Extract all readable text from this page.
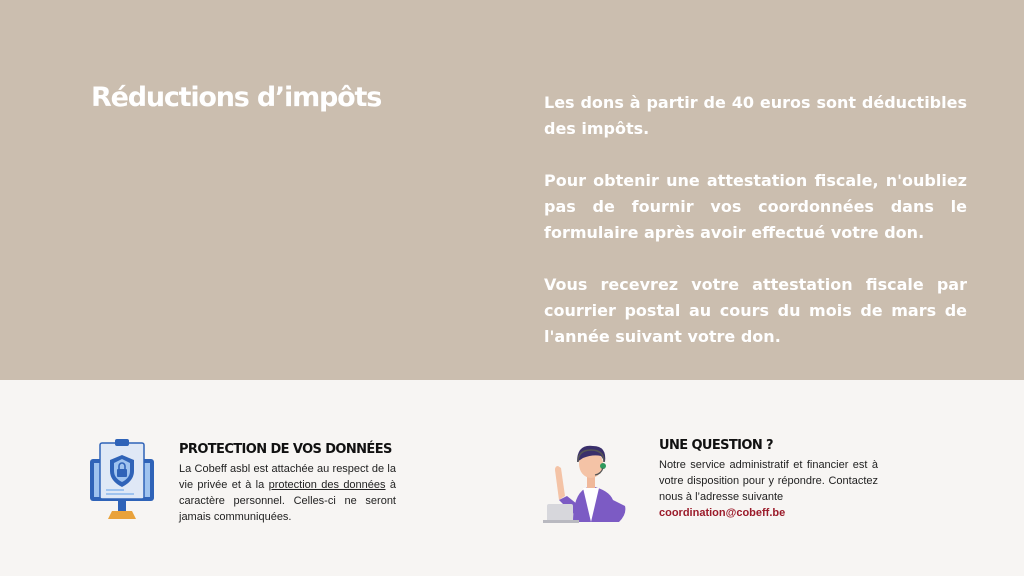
Réductions d’impôts	Les dons à partir de 40 euros sont déductibles des impôts.

Pour obtenir une attestation fiscale, n'oubliez pas de fournir vos coordonnées dans le formulaire après avoir effectué votre don.

Vous recevrez votre attestation fiscale par courrier postal au cours du mois de mars de l'année suivant votre don.

PROTECTION DE VOS DONNÉES
La Cobeff asbl est attachée au respect de la vie privée et à la protection des données à caractère personnel. Celles-ci ne seront jamais communiquées.
UNE QUESTION ?
Notre service administratif et financier est à votre disposition pour y répondre. Contactez nous à l’adresse suivante
coordination@cobeff.be
